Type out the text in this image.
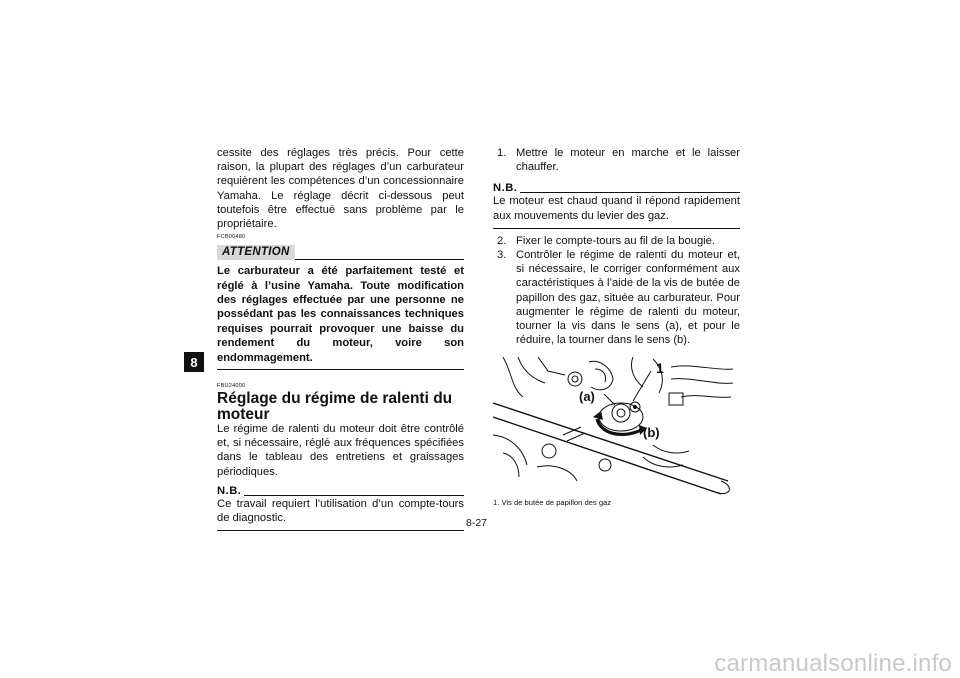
8

cessite des réglages très précis. Pour cette raison, la plupart des réglages d’un carburateur requièrent les compétences d’un concessionnaire Yamaha. Le réglage décrit ci-dessous peut toutefois être effectué sans problème par le propriétaire.

FCB00480
ATTENTION

Le carburateur a été parfaitement testé et réglé à l’usine Yamaha. Toute modification des réglages effectuée par une personne ne possédant pas les connaissances techniques requises pourrait provoquer une baisse du rendement du moteur, voire son endommagement.

FBU24000
Réglage du régime de ralenti du moteur

Le régime de ralenti du moteur doit être contrôlé et, si nécessaire, réglé aux fréquences spécifiées dans le tableau des entretiens et graissages périodiques.

N.B.

Ce travail requiert l’utilisation d’un compte-tours de diagnostic.

1. Mettre le moteur en marche et le laisser chauffer.
N.B.

Le moteur est chaud quand il répond rapidement aux mouvements du levier des gaz.

2. Fixer le compte-tours au fil de la bougie.
3. Contrôler le régime de ralenti du moteur et, si nécessaire, le corriger conformément aux caractéristiques à l’aide de la vis de butée de papillon des gaz, située au carburateur. Pour augmenter le régime de ralenti du moteur, tourner la vis dans le sens (a), et pour le réduire, la tourner dans le sens (b).
1
(a)
(b)
1. Vis de butée de papillon des gaz
8-27
carmanualsonline.info
